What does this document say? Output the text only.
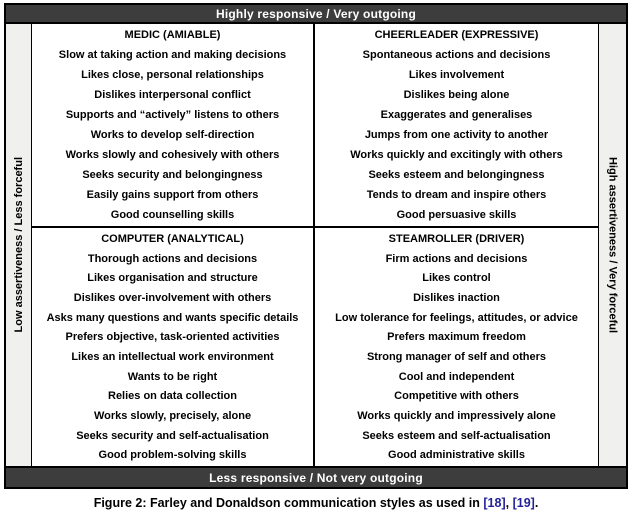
Highly responsive / Very outgoing
Low assertiveness / Less forceful
MEDIC (AMIABLE)
Slow at taking action and making decisions
Likes close, personal relationships
Dislikes interpersonal conflict
Supports and “actively” listens to others
Works to develop self-direction
Works slowly and cohesively with others
Seeks security and belongingness
Easily gains support from others
Good counselling skills
CHEERLEADER (EXPRESSIVE)
Spontaneous actions and decisions
Likes involvement
Dislikes being alone
Exaggerates and generalises
Jumps from one activity to another
Works quickly and excitingly with others
Seeks esteem and belongingness
Tends to dream and inspire others
Good persuasive skills
COMPUTER (ANALYTICAL)
Thorough actions and decisions
Likes organisation and structure
Dislikes over-involvement with others
Asks many questions and wants specific details
Prefers objective, task-oriented activities
Likes an intellectual work environment
Wants to be right
Relies on data collection
Works slowly, precisely, alone
Seeks security and self-actualisation
Good problem-solving skills
STEAMROLLER (DRIVER)
Firm actions and decisions
Likes control
Dislikes inaction
Low tolerance for feelings, attitudes, or advice
Prefers maximum freedom
Strong manager of self and others
Cool and independent
Competitive with others
Works quickly and impressively alone
Seeks esteem and self-actualisation
Good administrative skills
High assertiveness / Very forceful
Less responsive / Not very outgoing
Figure 2: Farley and Donaldson communication styles as used in [18], [19].
